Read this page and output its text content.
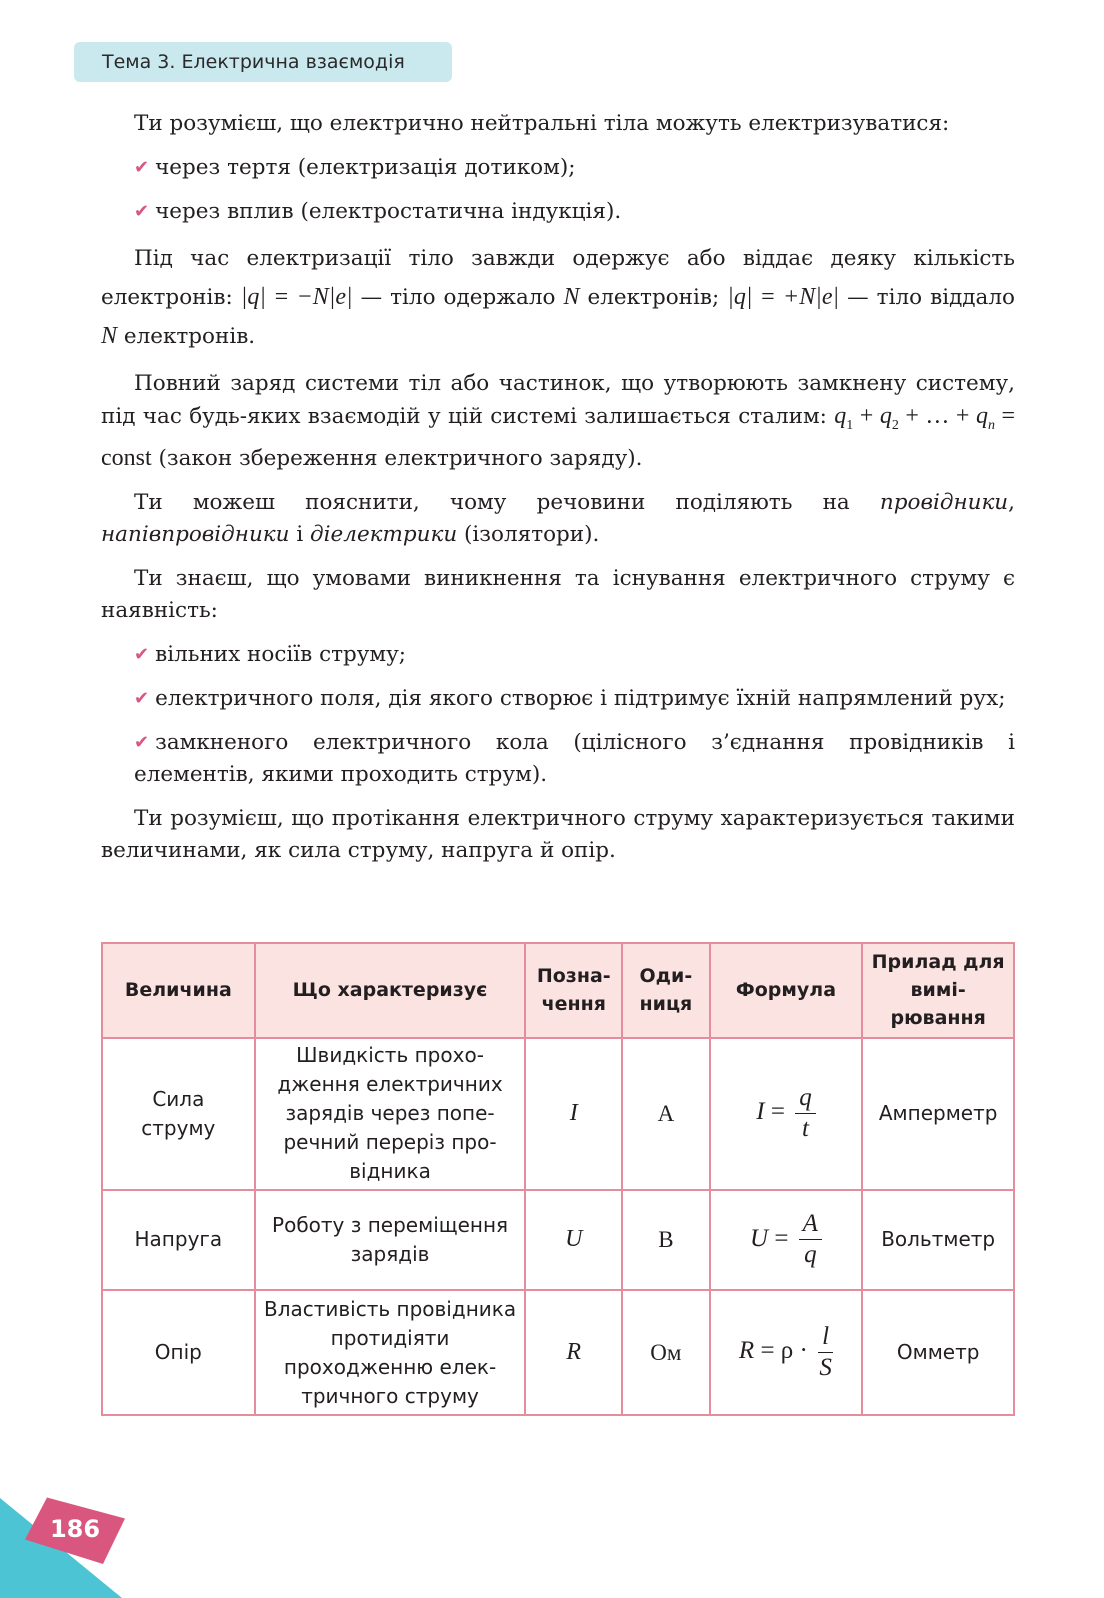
Тема 3. Електрична взаємодія

Ти розумієш, що електрично нейтральні тіла можуть електризуватися:

✔ через тертя (електризація дотиком);

✔ через вплив (електростатична індукція).

Під час електризації тіло завжди одержує або віддає деяку кількість електронів: |q| = −N|e| — тіло одержало N електронів; |q| = +N|e| — тіло віддало N електронів.

Повний заряд системи тіл або частинок, що утворюють замкнену систему, під час будь-яких взаємодій у цій системі залишається сталим: $q_1 + q_2$ + … + $q_n$ = const (закон збереження електричного заряду).

Ти можеш пояснити, чому речовини поділяють на провідники, напівпровідники і діелектрики (ізолятори).

Ти знаєш, що умовами виникнення та існування електричного струму є наявність:

✔ вільних носіїв струму;

✔ електричного поля, дія якого створює і підтримує їхній напрямлений рух;

✔ замкненого електричного кола (цілісного з’єднання провідників і елементів, якими проходить струм).

Ти розумієш, що протікання електричного струму характеризується такими величинами, як сила струму, напруга й опір.

Величина	Що характеризує	Позначення	Одиниця	Формула	Прилад для вимірювання
Сила струму	Швидкість проходження електричних зарядів через поперечний переріз провідника	I	А	$I = \frac{q}{t}$	Амперметр
Напруга	Роботу з переміщення зарядів	U	В	$U = \frac{A}{q}$	Вольтметр
Опір	Властивість провідника протидіяти проходженню електричного струму	R	Ом	$R = \rho \cdot \frac{l}{S}$	Омметр
186
